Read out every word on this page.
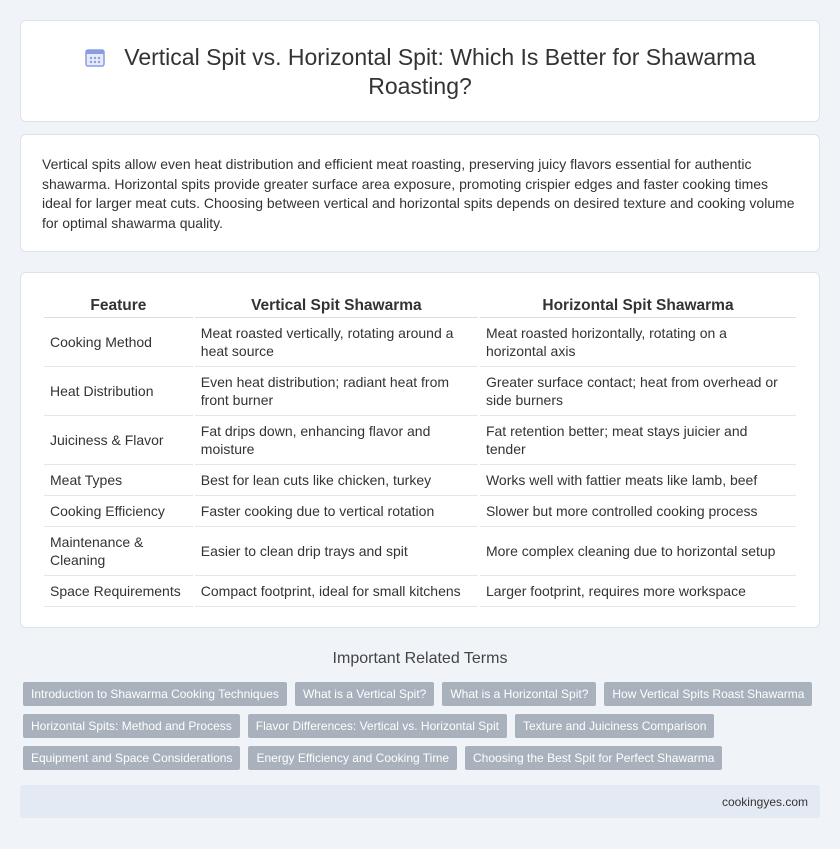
Vertical Spit vs. Horizontal Spit: Which Is Better for Shawarma Roasting?

Vertical spits allow even heat distribution and efficient meat roasting, preserving juicy flavors essential for authentic shawarma. Horizontal spits provide greater surface area exposure, promoting crispier edges and faster cooking times ideal for larger meat cuts. Choosing between vertical and horizontal spits depends on desired texture and cooking volume for optimal shawarma quality.

Feature	Vertical Spit Shawarma	Horizontal Spit Shawarma
Cooking Method	Meat roasted vertically, rotating around a heat source	Meat roasted horizontally, rotating on a horizontal axis
Heat Distribution	Even heat distribution; radiant heat from front burner	Greater surface contact; heat from overhead or side burners
Juiciness & Flavor	Fat drips down, enhancing flavor and moisture	Fat retention better; meat stays juicier and tender
Meat Types	Best for lean cuts like chicken, turkey	Works well with fattier meats like lamb, beef
Cooking Efficiency	Faster cooking due to vertical rotation	Slower but more controlled cooking process
Maintenance & Cleaning	Easier to clean drip trays and spit	More complex cleaning due to horizontal setup
Space Requirements	Compact footprint, ideal for small kitchens	Larger footprint, requires more workspace
Important Related Terms
Introduction to Shawarma Cooking Techniques	What is a Vertical Spit?	What is a Horizontal Spit?	How Vertical Spits Roast Shawarma
Horizontal Spits: Method and Process	Flavor Differences: Vertical vs. Horizontal Spit	Texture and Juiciness Comparison
Equipment and Space Considerations	Energy Efficiency and Cooking Time	Choosing the Best Spit for Perfect Shawarma
cookingyes.com
